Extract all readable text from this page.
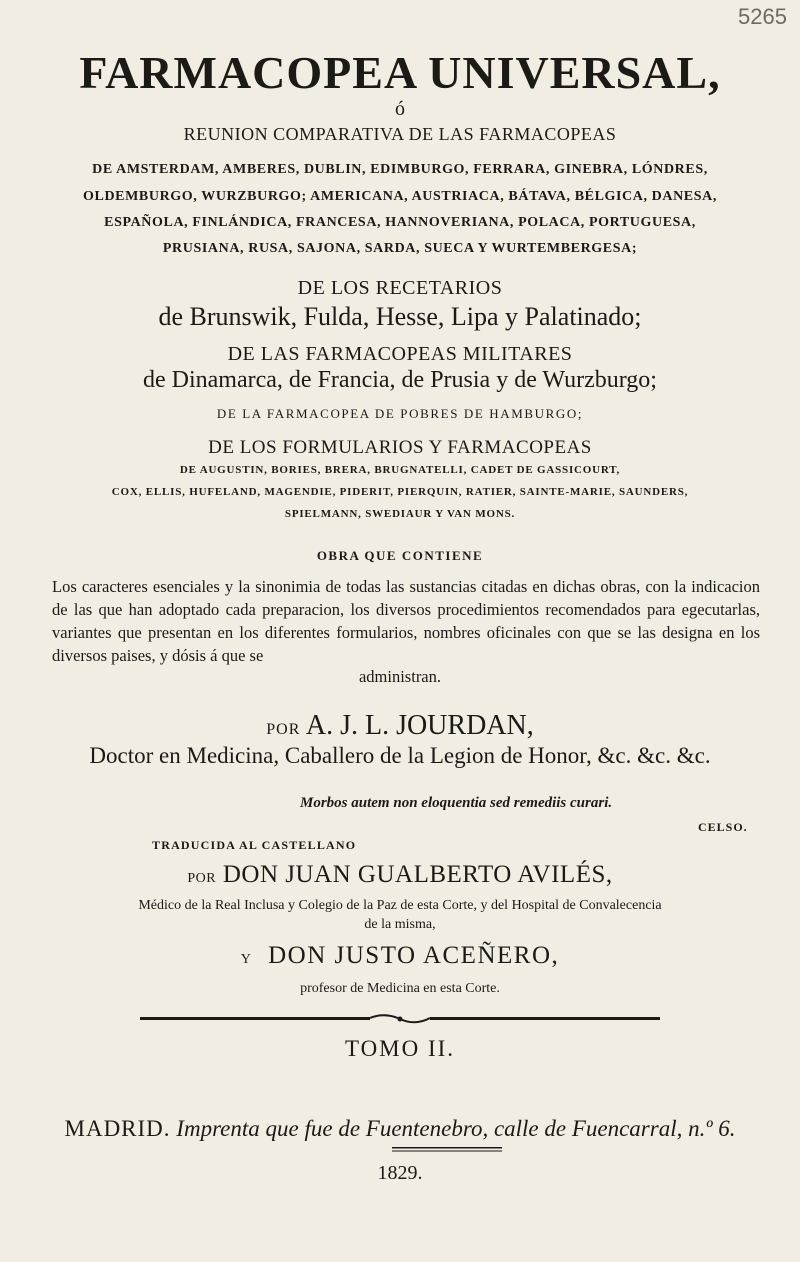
5265
FARMACOPEA UNIVERSAL,
ó
REUNION COMPARATIVA DE LAS FARMACOPEAS
DE AMSTERDAM, AMBERES, DUBLIN, EDIMBURGO, FERRARA, GINEBRA, LÓNDRES,
OLDEMBURGO, WURZBURGO; AMERICANA, AUSTRIACA, BÁTAVA, BÉLGICA, DANESA,
ESPAÑOLA, FINLÁNDICA, FRANCESA, HANNOVERIANA, POLACA, PORTUGUESA,
PRUSIANA, RUSA, SAJONA, SARDA, SUECA Y WURTEMBERGESA;
DE LOS RECETARIOS
de Brunswik, Fulda, Hesse, Lipa y Palatinado;
DE LAS FARMACOPEAS MILITARES
de Dinamarca, de Francia, de Prusia y de Wurzburgo;
DE LA FARMACOPEA DE POBRES DE HAMBURGO;
DE LOS FORMULARIOS Y FARMACOPEAS
DE AUGUSTIN, BORIES, BRERA, BRUGNATELLI, CADET DE GASSICOURT,
COX, ELLIS, HUFELAND, MAGENDIE, PIDERIT, PIERQUIN, RATIER, SAINTE-MARIE, SAUNDERS,
SPIELMANN, SWEDIAUR Y VAN MONS.
OBRA QUE CONTIENE
Los caracteres esenciales y la sinonimia de todas las sustancias citadas en dichas obras, con la indicacion de las que han adoptado cada preparacion, los diversos procedimientos recomendados para egecutarlas, variantes que presentan en los diferentes formularios, nombres oficinales con que se las designa en los diversos paises, y dósis á que se
administran.
POR A. J. L. JOURDAN,
Doctor en Medicina, Caballero de la Legion de Honor, &c. &c. &c.
Morbos autem non eloquentia sed remediis curari.
CELSO.
TRADUCIDA AL CASTELLANO
POR DON JUAN GUALBERTO AVILÉS,
Médico de la Real Inclusa y Colegio de la Paz de esta Corte, y del Hospital de Convalecencia
de la misma,
Y DON JUSTO ACEÑERO,
profesor de Medicina en esta Corte.
TOMO II.
MADRID. Imprenta que fue de Fuentenebro, calle de Fuencarral, n.º 6.
1829.
